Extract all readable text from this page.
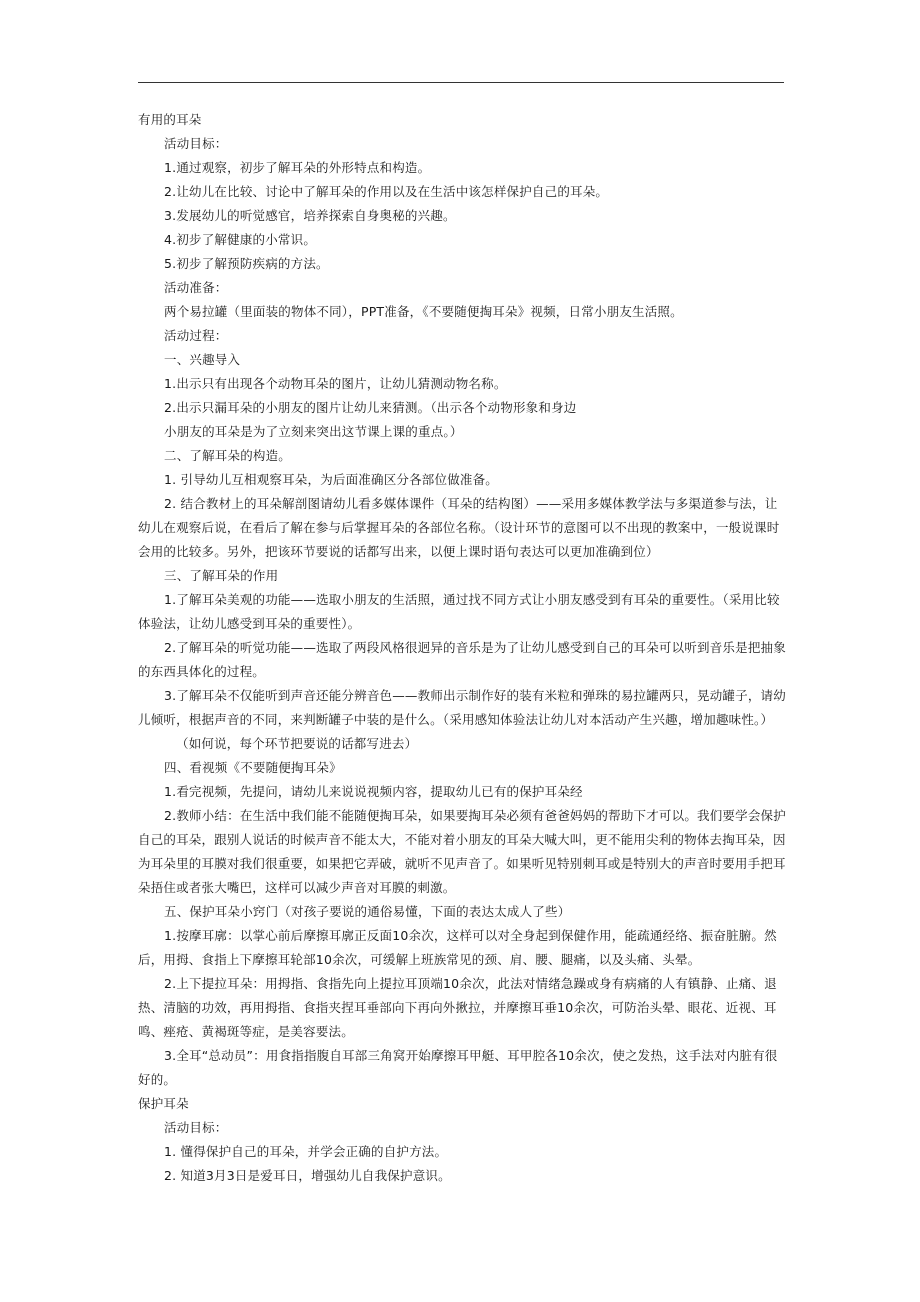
有用的耳朵

活动目标：

1.通过观察，初步了解耳朵的外形特点和构造。

2.让幼儿在比较、讨论中了解耳朵的作用以及在生活中该怎样保护自己的耳朵。

3.发展幼儿的听觉感官，培养探索自身奥秘的兴趣。

4.初步了解健康的小常识。

5.初步了解预防疾病的方法。

活动准备：

两个易拉罐（里面装的物体不同），PPT准备，《不要随便掏耳朵》视频，日常小朋友生活照。

活动过程：

一、兴趣导入

1.出示只有出现各个动物耳朵的图片，让幼儿猜测动物名称。

2.出示只漏耳朵的小朋友的图片让幼儿来猜测。（出示各个动物形象和身边

小朋友的耳朵是为了立刻来突出这节课上课的重点。）

二、了解耳朵的构造。

1. 引导幼儿互相观察耳朵，为后面准确区分各部位做准备。

2. 结合教材上的耳朵解剖图请幼儿看多媒体课件（耳朵的结构图）——采用多媒体教学法与多渠道参与法，让幼儿在观察后说，在看后了解在参与后掌握耳朵的各部位名称。（设计环节的意图可以不出现的教案中，一般说课时会用的比较多。另外，把该环节要说的话都写出来，以便上课时语句表达可以更加准确到位）

三、了解耳朵的作用

1.了解耳朵美观的功能——选取小朋友的生活照，通过找不同方式让小朋友感受到有耳朵的重要性。（采用比较体验法，让幼儿感受到耳朵的重要性）。

2.了解耳朵的听觉功能——选取了两段风格很迥异的音乐是为了让幼儿感受到自己的耳朵可以听到音乐是把抽象的东西具体化的过程。

3.了解耳朵不仅能听到声音还能分辨音色——教师出示制作好的装有米粒和弹珠的易拉罐两只，晃动罐子，请幼儿倾听，根据声音的不同，来判断罐子中装的是什么。（采用感知体验法让幼儿对本活动产生兴趣，增加趣味性。）

（如何说，每个环节把要说的话都写进去）

四、看视频《不要随便掏耳朵》

1.看完视频，先提问，请幼儿来说说视频内容，提取幼儿已有的保护耳朵经

2.教师小结：在生活中我们能不能随便掏耳朵，如果要掏耳朵必须有爸爸妈妈的帮助下才可以。我们要学会保护自己的耳朵，跟别人说话的时候声音不能太大，不能对着小朋友的耳朵大喊大叫，更不能用尖利的物体去掏耳朵，因为耳朵里的耳膜对我们很重要，如果把它弄破，就听不见声音了。如果听见特别刺耳或是特别大的声音时要用手把耳朵捂住或者张大嘴巴，这样可以减少声音对耳膜的刺激。

五、保护耳朵小窍门（对孩子要说的通俗易懂，下面的表达太成人了些）

1.按摩耳廓：以掌心前后摩擦耳廓正反面10余次，这样可以对全身起到保健作用，能疏通经络、振奋脏腑。然后，用拇、食指上下摩擦耳轮部10余次，可缓解上班族常见的颈、肩、腰、腿痛，以及头痛、头晕。

2.上下提拉耳朵：用拇指、食指先向上提拉耳顶端10余次，此法对情绪急躁或身有病痛的人有镇静、止痛、退热、清脑的功效，再用拇指、食指夹捏耳垂部向下再向外揪拉，并摩擦耳垂10余次，可防治头晕、眼花、近视、耳鸣、痤疮、黄褐斑等症，是美容要法。

3.全耳“总动员”：用食指指腹自耳部三角窝开始摩擦耳甲艇、耳甲腔各10余次，使之发热，这手法对内脏有很好的。

保护耳朵

活动目标：

1. 懂得保护自己的耳朵，并学会正确的自护方法。

2. 知道3月3日是爱耳日，增强幼儿自我保护意识。
